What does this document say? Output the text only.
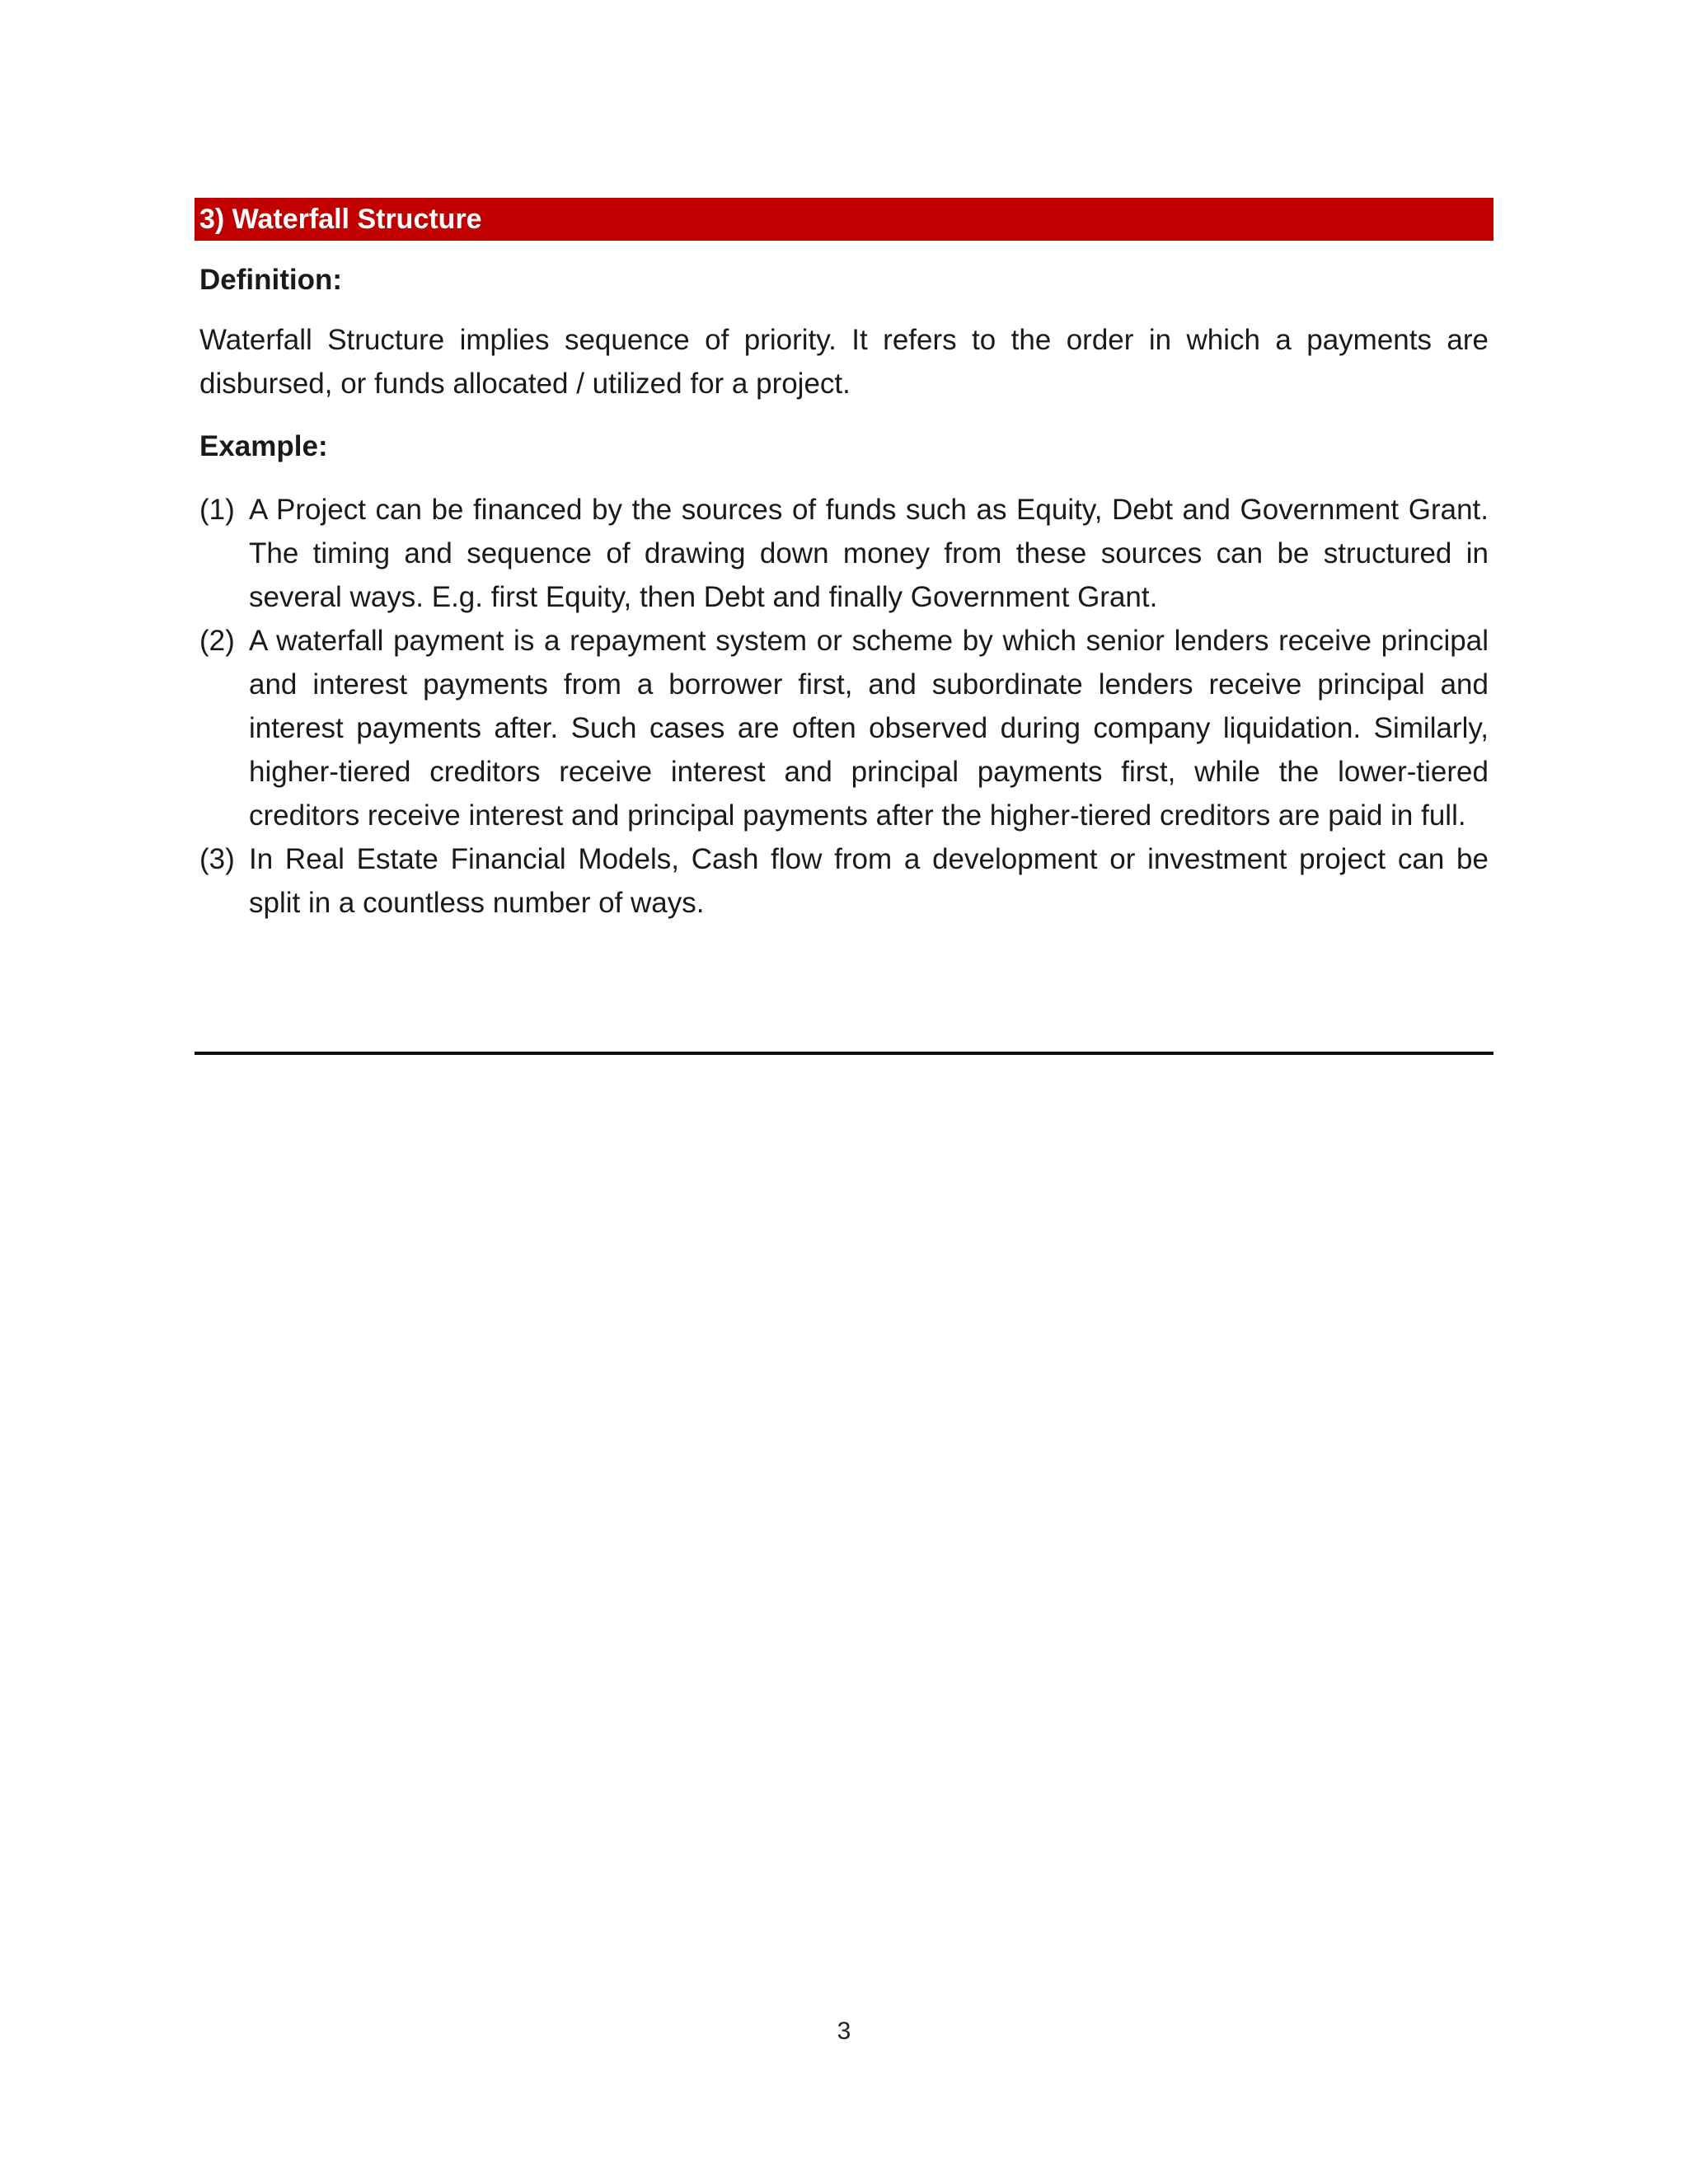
3) Waterfall Structure

Definition:

Waterfall Structure implies sequence of priority. It refers to the order in which a payments are disbursed, or funds allocated / utilized for a project.

Example:

(1) A Project can be financed by the sources of funds such as Equity, Debt and Government Grant. The timing and sequence of drawing down money from these sources can be structured in several ways. E.g. first Equity, then Debt and finally Government Grant.
(2) A waterfall payment is a repayment system or scheme by which senior lenders receive principal and interest payments from a borrower first, and subordinate lenders receive principal and interest payments after. Such cases are often observed during company liquidation. Similarly, higher-tiered creditors receive interest and principal payments first, while the lower-tiered creditors receive interest and principal payments after the higher-tiered creditors are paid in full.
(3) In Real Estate Financial Models, Cash flow from a development or investment project can be split in a countless number of ways.
3
